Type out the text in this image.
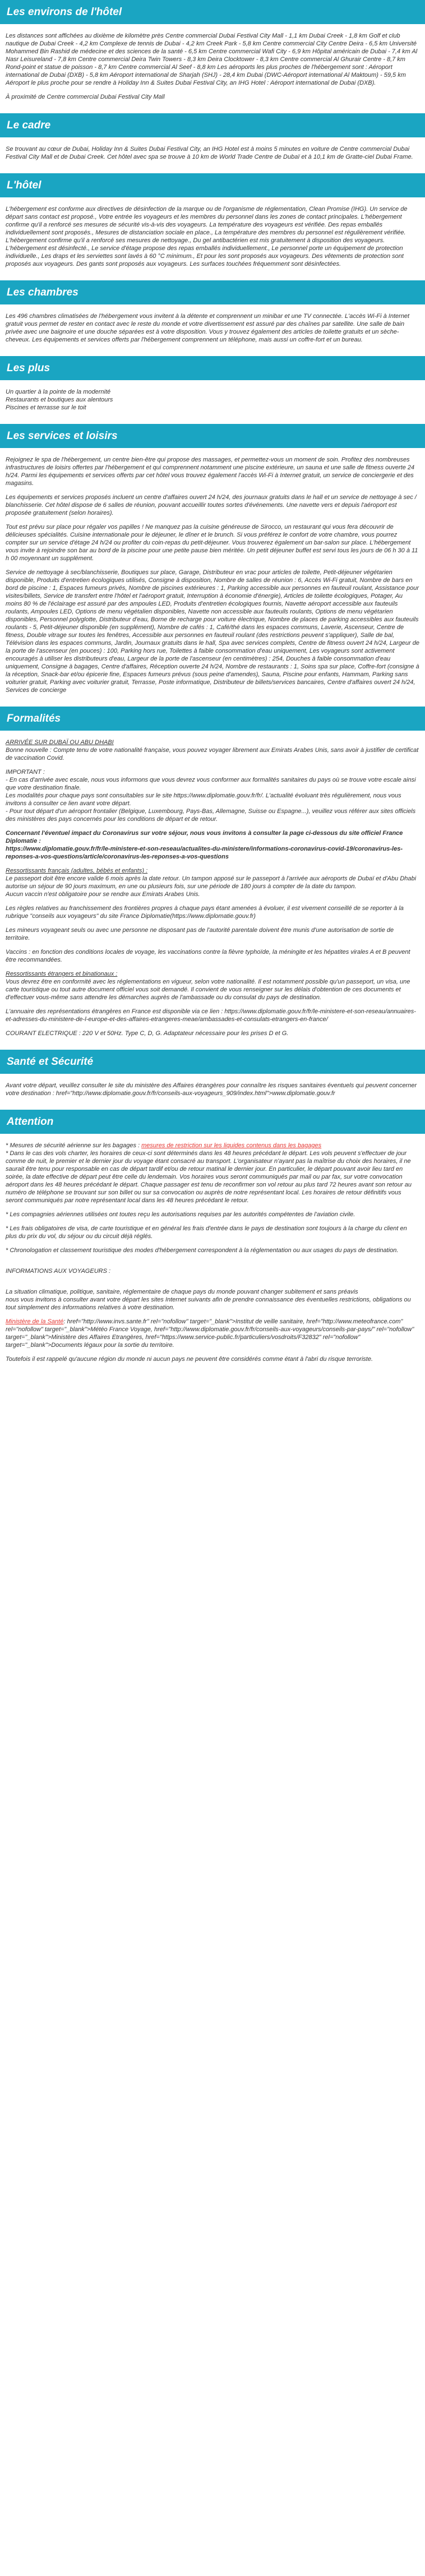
Les environs de l'hôtel
Les distances sont affichées au dixième de kilomètre près Centre commercial Dubai Festival City Mall - 1,1 km Dubai Creek - 1,8 km Golf et club nautique de Dubai Creek - 4,2 km Complexe de tennis de Dubai - 4,2 km Creek Park - 5,8 km Centre commercial City Centre Deira - 6,5 km Université Mohammed Bin Rashid de médecine et des sciences de la santé - 6,5 km Centre commercial Wafi City - 6,9 km Hôpital américain de Dubai - 7,4 km Al Nasr Leisureland - 7,8 km Centre commercial Deira Twin Towers - 8,3 km Deira Clocktower - 8,3 km Centre commercial Al Ghurair Centre - 8,7 km Rond-point et statue de poisson - 8,7 km Centre commercial Al Seef - 8,8 km Les aéroports les plus proches de l'hébergement sont : Aéroport international de Dubai (DXB) - 5,8 km Aéroport international de Sharjah (SHJ) - 28,4 km Dubai (DWC-Aéroport international Al Maktoum) - 59,5 km Aéroport le plus proche pour se rendre à Holiday Inn & Suites Dubai Festival City, an IHG Hotel : Aéroport international de Dubai (DXB).
À proximité de Centre commercial Dubai Festival City Mall
Le cadre
Se trouvant au cœur de Dubai, Holiday Inn & Suites Dubai Festival City, an IHG Hotel est à moins 5 minutes en voiture de Centre commercial Dubai Festival City Mall et de Dubai Creek. Cet hôtel avec spa se trouve à 10 km de World Trade Centre de Dubaï et à 10,1 km de Gratte-ciel Dubai Frame.
L'hôtel
L'hébergement est conforme aux directives de désinfection de la marque ou de l'organisme de réglementation, Clean Promise (IHG). Un service de départ sans contact est proposé., Votre entrée les voyageurs et les membres du personnel dans les zones de contact principales. L'hébergement confirme qu'il a renforcé ses mesures de sécurité vis-à-vis des voyageurs. La température des voyageurs est vérifiée. Des repas emballés individuellement sont proposés., Mesures de distanciation sociale en place., La température des membres du personnel est régulièrement vérifiée. L'hébergement confirme qu'il a renforcé ses mesures de nettoyage., Du gel antibactérien est mis gratuitement à disposition des voyageurs. L'hébergement est désinfecté., Le service d'étage propose des repas emballés individuellement., Le personnel porte un équipement de protection individuelle., Les draps et les serviettes sont lavés à 60 °C minimum., Et pour les sont proposés aux voyageurs. Des vêtements de protection sont proposés aux voyageurs. Des gants sont proposés aux voyageurs. Les surfaces touchées fréquemment sont désinfectées.
Les chambres
Les 496 chambres climatisées de l'hébergement vous invitent à la détente et comprennent un minibar et une TV connectée. L'accès Wi-Fi à Internet gratuit vous permet de rester en contact avec le reste du monde et votre divertissement est assuré par des chaînes par satellite. Une salle de bain privée avec une baignoire et une douche séparées est à votre disposition. Vous y trouvez également des articles de toilette gratuits et un sèche-cheveux. Les équipements et services offerts par l'hébergement comprennent un téléphone, mais aussi un coffre-fort et un bureau.
Les plus
Un quartier à la pointe de la modernité
Restaurants et boutiques aux alentours
Piscines et terrasse sur le toit
Les services et loisirs
Rejoignez le spa de l'hébergement, un centre bien-être qui propose des massages, et permettez-vous un moment de soin. Profitez des nombreuses infrastructures de loisirs offertes par l'hébergement et qui comprennent notamment une piscine extérieure, un sauna et une salle de fitness ouverte 24 h/24. Parmi les équipements et services offerts par cet hôtel vous trouvez également l'accès Wi-Fi à Internet gratuit, un service de conciergerie et des magasins.
Les équipements et services proposés incluent un centre d'affaires ouvert 24 h/24, des journaux gratuits dans le hall et un service de nettoyage à sec / blanchisserie. Cet hôtel dispose de 6 salles de réunion, pouvant accueillir toutes sortes d'événements. Une navette vers et depuis l'aéroport est proposée gratuitement (selon horaires).
Tout est prévu sur place pour régaler vos papilles ! Ne manquez pas la cuisine généreuse de Sirocco, un restaurant qui vous fera découvrir de délicieuses spécialités. Cuisine internationale pour le déjeuner, le dîner et le brunch. Si vous préférez le confort de votre chambre, vous pourrez compter sur un service d'étage 24 h/24 ou profiter du coin-repas du petit-déjeuner. Vous trouverez également un bar-salon sur place. L'hébergement vous invite à rejoindre son bar au bord de la piscine pour une petite pause bien méritée. Un petit déjeuner buffet est servi tous les jours de 06 h 30 à 11 h 00 moyennant un supplément.
Service de nettoyage à sec/blanchisserie, Boutiques sur place, Garage, Distributeur en vrac pour articles de toilette, Petit-déjeuner végétarien disponible, Produits d'entretien écologiques utilisés, Consigne à disposition, Nombre de salles de réunion : 6, Accès Wi-Fi gratuit, Nombre de bars en bord de piscine : 1, Espaces fumeurs privés, Nombre de piscines extérieures : 1, Parking accessible aux personnes en fauteuil roulant, Assistance pour visites/billets, Service de transfert entre l'hôtel et l'aéroport gratuit, Interruption à économie d'énergie), Articles de toilette écologiques, Potager, Au moins 80 % de l'éclairage est assuré par des ampoules LED, Produits d'entretien écologiques fournis, Navette aéroport accessible aux fauteuils roulants, Ampoules LED, Options de menu végétalien disponibles, Navette non accessible aux fauteuils roulants, Options de menu végétarien disponibles, Personnel polyglotte, Distributeur d'eau, Borne de recharge pour voiture électrique, Nombre de places de parking accessibles aux fauteuils roulants - 5, Petit-déjeuner disponible (en supplément), Nombre de cafés : 1, Café/thé dans les espaces communs, Laverie, Ascenseur, Centre de fitness, Double vitrage sur toutes les fenêtres, Accessible aux personnes en fauteuil roulant (des restrictions peuvent s'appliquer), Salle de bal, Télévision dans les espaces communs, Jardin, Journaux gratuits dans le hall, Spa avec services complets, Centre de fitness ouvert 24 h/24, Largeur de la porte de l'ascenseur (en pouces) : 100, Parking hors rue, Toilettes à faible consommation d'eau uniquement, Les voyageurs sont activement encouragés à utiliser les distributeurs d'eau, Largeur de la porte de l'ascenseur (en centimètres) : 254, Douches à faible consommation d'eau uniquement, Consigne à bagages, Centre d'affaires, Réception ouverte 24 h/24, Nombre de restaurants : 1, Soins spa sur place, Coffre-fort (consigne à la réception, Snack-bar et/ou épicerie fine, Espaces fumeurs prévus (sous peine d'amendes), Sauna, Piscine pour enfants, Hammam, Parking sans voiturier gratuit, Parking avec voiturier gratuit, Terrasse, Poste informatique, Distributeur de billets/services bancaires, Centre d'affaires ouvert 24 h/24, Services de concierge
Formalités
ARRIVÉE SUR DUBAÏ OU ABU DHABI
Bonne nouvelle : Compte tenu de votre nationalité française, vous pouvez voyager librement aux Emirats Arabes Unis, sans avoir à justifier de certificat de vaccination Covid.
IMPORTANT :
- En cas d'arrivée avec escale, nous vous informons que vous devrez vous conformer aux formalités sanitaires du pays où se trouve votre escale ainsi que votre destination finale.
Les modalités pour chaque pays sont consultables sur le site https://www.diplomatie.gouv.fr/fr/. L'actualité évoluant très régulièrement, nous vous invitons à consulter ce lien avant votre départ.
- Pour tout départ d'un aéroport frontalier (Belgique, Luxembourg, Pays-Bas, Allemagne, Suisse ou Espagne...), veuillez vous référer aux sites officiels des ministères des pays concernés pour les conditions de départ et de retour.
Concernant l'éventuel impact du Coronavirus sur votre séjour, nous vous invitons à consulter la page ci-dessous du site officiel France Diplomatie :
https://www.diplomatie.gouv.fr/fr/le-ministere-et-son-reseau/actualites-du-ministere/informations-coronavirus-covid-19/coronavirus-les-reponses-a-vos-questions/article/coronavirus-les-reponses-a-vos-questions
Ressortissants français (adultes, bébés et enfants) :
Le passeport doit être encore valide 6 mois après la date retour. Un tampon apposé sur le passeport à l'arrivée aux aéroports de Dubaï et d'Abu Dhabi autorise un séjour de 90 jours maximum, en une ou plusieurs fois, sur une période de 180 jours à compter de la date du tampon.
Aucun vaccin n'est obligatoire pour se rendre aux Emirats Arabes Unis.
Les règles relatives au franchissement des frontières propres à chaque pays étant amenées à évoluer, il est vivement conseillé de se reporter à la rubrique "conseils aux voyageurs" du site France Diplomatie(https://www.diplomatie.gouv.fr)
Les mineurs voyageant seuls ou avec une personne ne disposant pas de l'autorité parentale doivent être munis d'une autorisation de sortie de territoire.
Vaccins : en fonction des conditions locales de voyage, les vaccinations contre la fièvre typhoïde, la méningite et les hépatites virales A et B peuvent être recommandées.
Ressortissants étrangers et binationaux :
Vous devrez être en conformité avec les réglementations en vigueur, selon votre nationalité. Il est notamment possible qu'un passeport, un visa, une carte touristique ou tout autre document officiel vous soit demandé. Il convient de vous renseigner sur les délais d'obtention de ces documents et d'effectuer vous-même sans attendre les démarches auprès de l'ambassade ou du consulat du pays de destination.
L'annuaire des représentations étrangères en France est disponible via ce lien : https://www.diplomatie.gouv.fr/fr/le-ministere-et-son-reseau/annuaires-et-adresses-du-ministere-de-l-europe-et-des-affaires-etrangeres-meae/ambassades-et-consulats-etrangers-en-france/
COURANT ELECTRIQUE : 220 V et 50Hz. Type C, D, G. Adaptateur nécessaire pour les prises D et G.
Santé et Sécurité
Avant votre départ, veuillez consulter le site du ministère des Affaires étrangères pour connaître les risques sanitaires éventuels qui peuvent concerner votre destination : href="http://www.diplomatie.gouv.fr/fr/conseils-aux-voyageurs_909/index.html">www.diplomatie.gouv.fr
Attention
* Mesures de sécurité aérienne sur les bagages : mesures de restriction sur les liquides contenus dans les bagages
* Dans le cas des vols charter, les horaires de ceux-ci sont déterminés dans les 48 heures précédant le départ. Les vols peuvent s'effectuer de jour comme de nuit, le premier et le dernier jour du voyage étant consacré au transport. L'organisateur n'ayant pas la maîtrise du choix des horaires, il ne saurait être tenu pour responsable en cas de départ tardif et/ou de retour matinal le dernier jour. En particulier, le départ pouvant avoir lieu tard en soirée, la date effective de départ peut être celle du lendemain. Vos horaires vous seront communiqués par mail ou par fax, sur votre convocation aéroport dans les 48 heures précédant le départ. Chaque passager est tenu de reconfirmer son vol retour au plus tard 72 heures avant son retour au numéro de téléphone se trouvant sur son billet ou sur sa convocation ou auprès de notre représentant local. Les horaires de retour définitifs vous seront communiqués par notre représentant local dans les 48 heures précédant le retour.
* Les compagnies aériennes utilisées ont toutes reçu les autorisations requises par les autorités compétentes de l'aviation civile.
* Les frais obligatoires de visa, de carte touristique et en général les frais d'entrée dans le pays de destination sont toujours à la charge du client en plus du prix du vol, du séjour ou du circuit déjà réglés.
* Chronologation et classement touristique des modes d'hébergement correspondent à la réglementation ou aux usages du pays de destination.
INFORMATIONS AUX VOYAGEURS :
La situation climatique, politique, sanitaire, réglementaire de chaque pays du monde pouvant changer subitement et sans préavis
nous vous invitons à consulter avant votre départ les sites Internet suivants afin de prendre connaissance des éventuelles restrictions, obligations ou tout simplement des informations relatives à votre destination.
Ministère de la Santé: href="http://www.invs.sante.fr" rel="nofollow" target="_blank">Institut de veille sanitaire, href="http://www.meteofrance.com" rel="nofollow" target="_blank">Météo France Voyage, href="http://www.diplomatie.gouv.fr/fr/conseils-aux-voyageurs/conseils-par-pays/" rel="nofollow" target="_blank">Ministère des Affaires Etrangères, href="https://www.service-public.fr/particuliers/vosdroits/F32832" rel="nofollow" target="_blank">Documents légaux pour la sortie du territoire.
Toutefois il est rappelé qu'aucune région du monde ni aucun pays ne peuvent être considérés comme étant à l'abri du risque terroriste.
